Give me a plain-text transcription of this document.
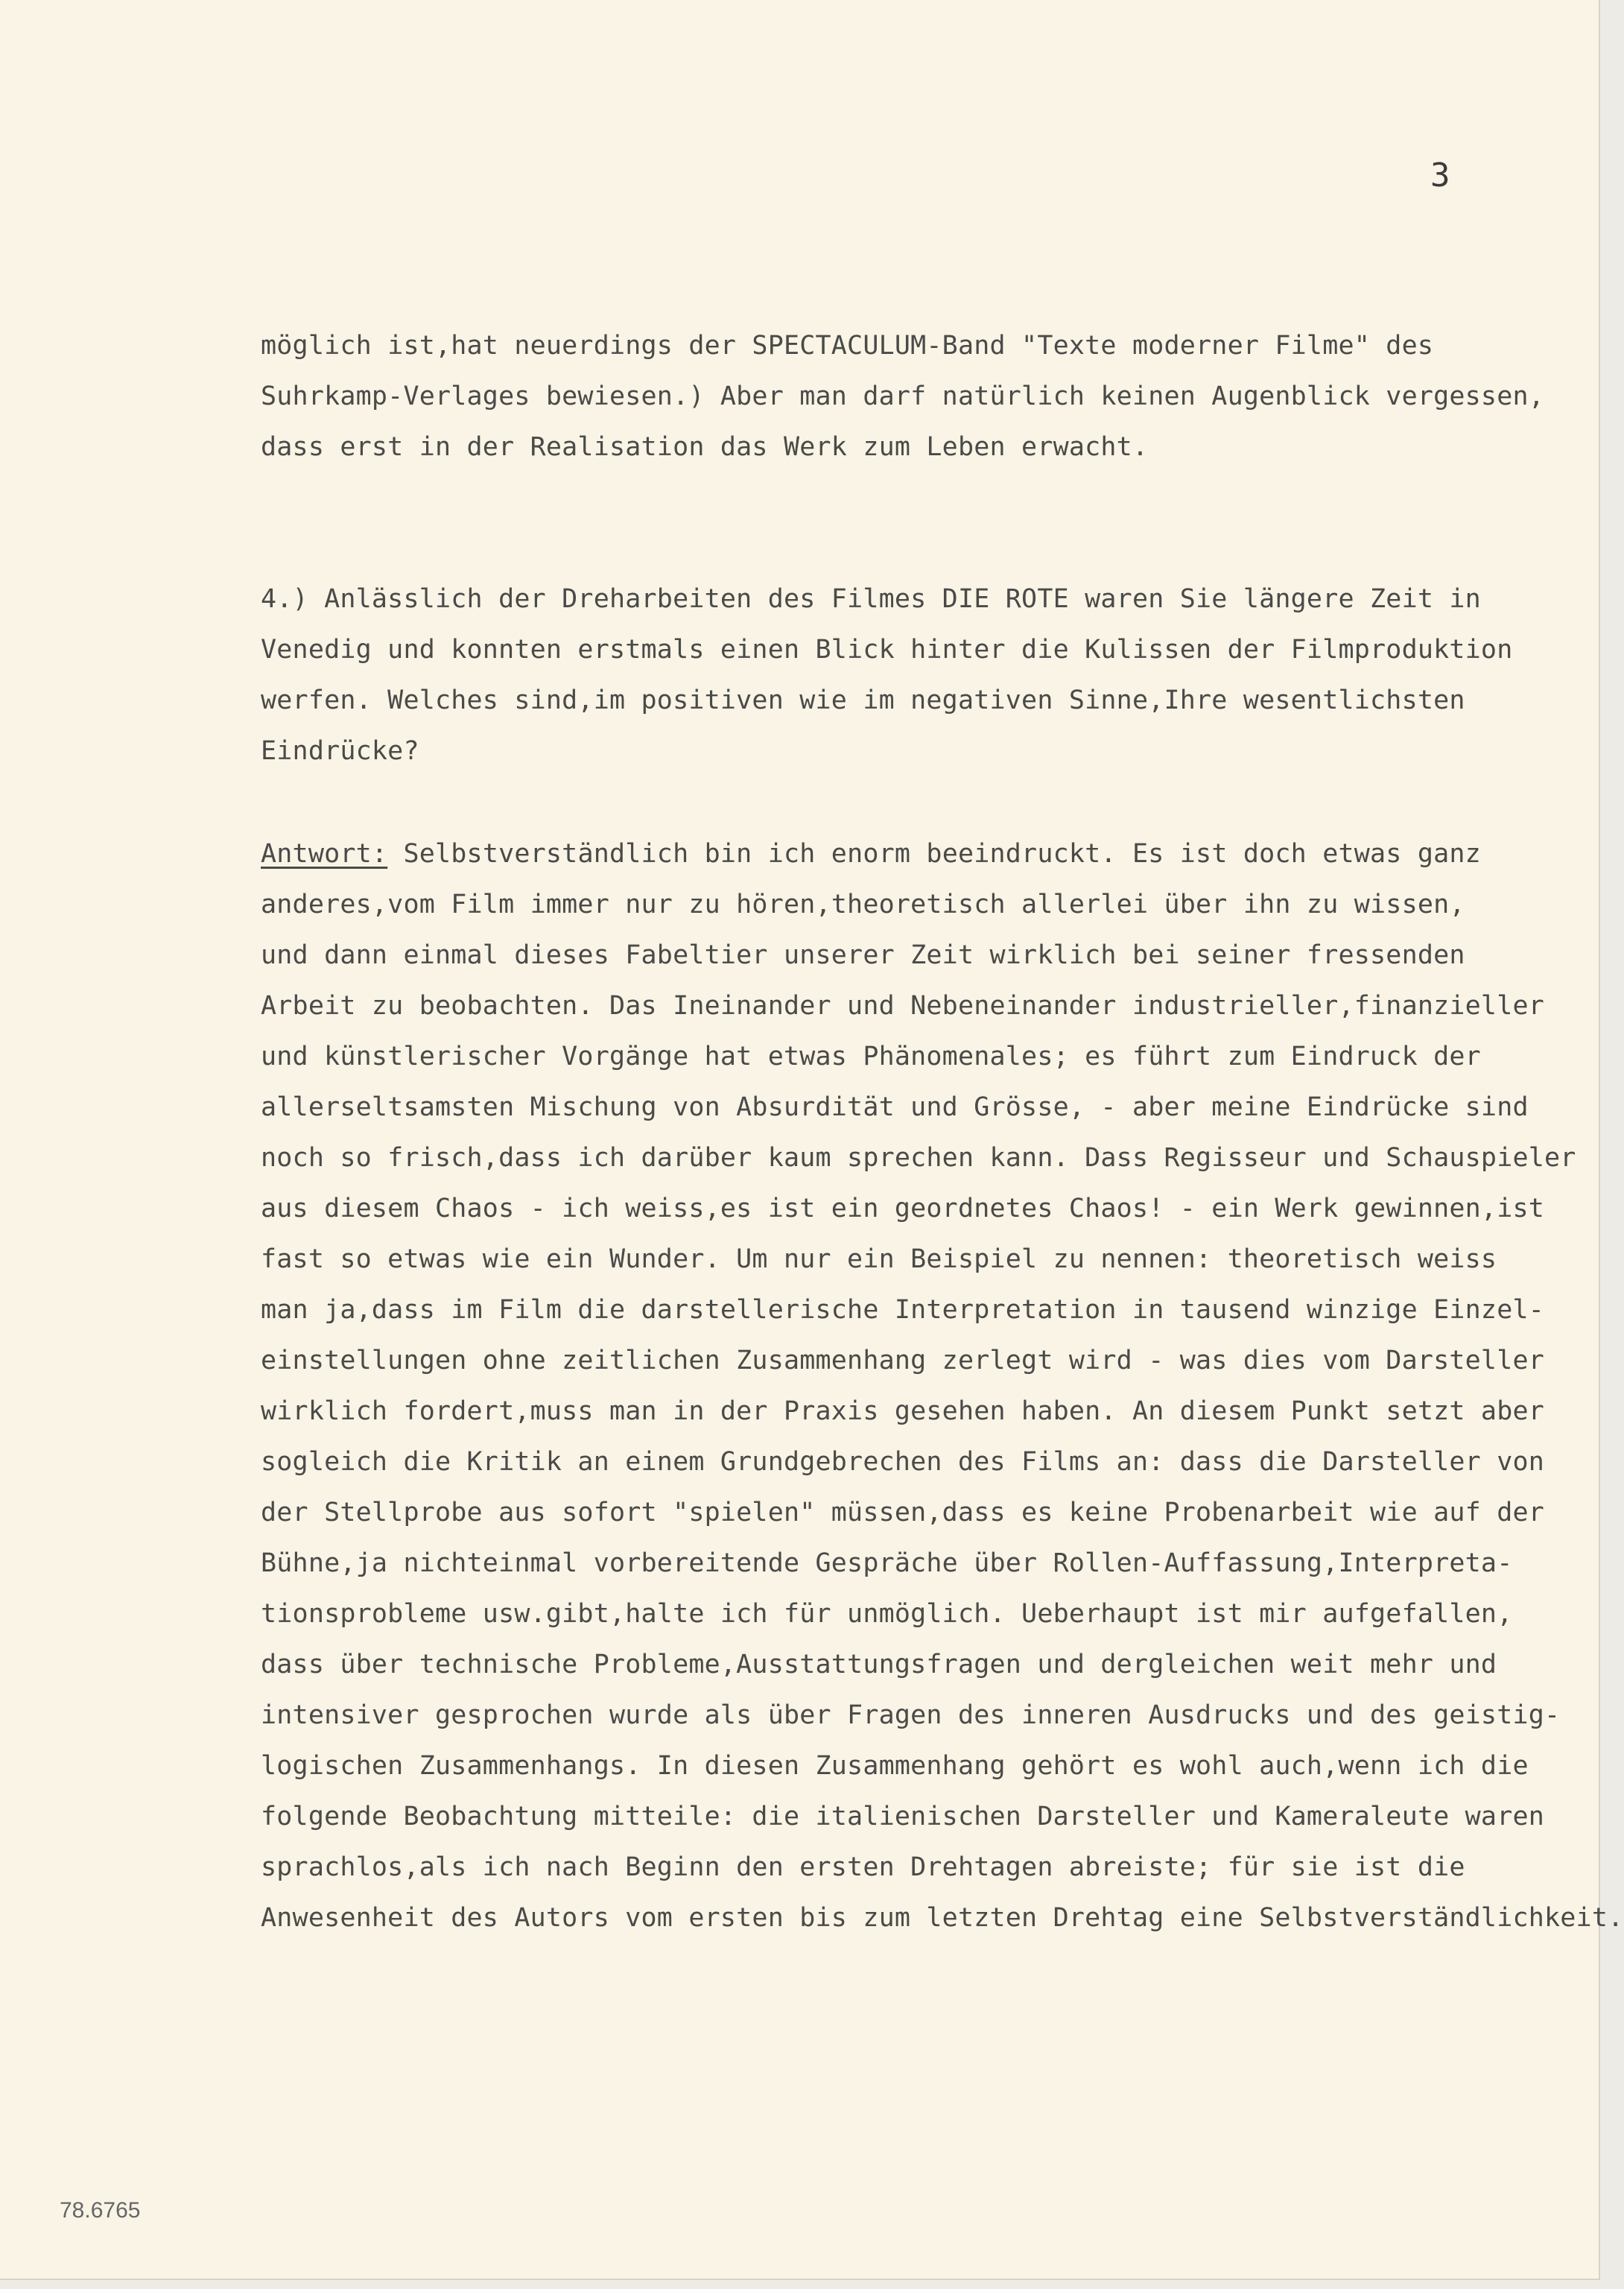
3
möglich ist,hat neuerdings der SPECTACULUM-Band "Texte moderner Filme" des
Suhrkamp-Verlages bewiesen.) Aber man darf natürlich keinen Augenblick vergessen,
dass erst in der Realisation das Werk zum Leben erwacht.
4.) Anlässlich der Dreharbeiten des Filmes DIE ROTE waren Sie längere Zeit in
Venedig und konnten erstmals einen Blick hinter die Kulissen der Filmproduktion
werfen. Welches sind,im positiven wie im negativen Sinne,Ihre wesentlichsten
Eindrücke?
Antwort: Selbstverständlich bin ich enorm beeindruckt. Es ist doch etwas ganz
anderes,vom Film immer nur zu hören,theoretisch allerlei über ihn zu wissen,
und dann einmal dieses Fabeltier unserer Zeit wirklich bei seiner fressenden
Arbeit zu beobachten. Das Ineinander und Nebeneinander industrieller,finanzieller
und künstlerischer Vorgänge hat etwas Phänomenales; es führt zum Eindruck der
allerseltsamsten Mischung von Absurdität und Grösse, - aber meine Eindrücke sind
noch so frisch,dass ich darüber kaum sprechen kann. Dass Regisseur und Schauspieler
aus diesem Chaos - ich weiss,es ist ein geordnetes Chaos! - ein Werk gewinnen,ist
fast so etwas wie ein Wunder. Um nur ein Beispiel zu nennen: theoretisch weiss
man ja,dass im Film die darstellerische Interpretation in tausend winzige Einzel-
einstellungen ohne zeitlichen Zusammenhang zerlegt wird - was dies vom Darsteller
wirklich fordert,muss man in der Praxis gesehen haben. An diesem Punkt setzt aber
sogleich die Kritik an einem Grundgebrechen des Films an: dass die Darsteller von
der Stellprobe aus sofort "spielen" müssen,dass es keine Probenarbeit wie auf der
Bühne,ja nichteinmal vorbereitende Gespräche über Rollen-Auffassung,Interpreta-
tionsprobleme usw.gibt,halte ich für unmöglich. Ueberhaupt ist mir aufgefallen,
dass über technische Probleme,Ausstattungsfragen und dergleichen weit mehr und
intensiver gesprochen wurde als über Fragen des inneren Ausdrucks und des geistig-
logischen Zusammenhangs. In diesen Zusammenhang gehört es wohl auch,wenn ich die
folgende Beobachtung mitteile: die italienischen Darsteller und Kameraleute waren
sprachlos,als ich nach Beginn den ersten Drehtagen abreiste; für sie ist die
Anwesenheit des Autors vom ersten bis zum letzten Drehtag eine Selbstverständlichkeit.
78.6765
